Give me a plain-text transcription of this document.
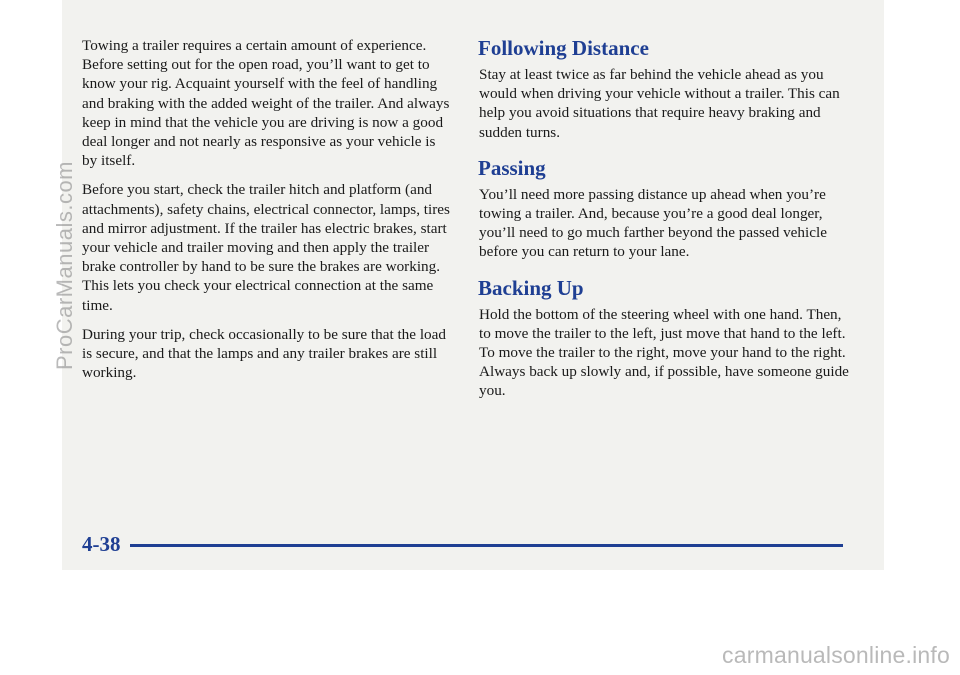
Towing a trailer requires a certain amount of experience. Before setting out for the open road, you’ll want to get to know your rig. Acquaint yourself with the feel of handling and braking with the added weight of the trailer. And always keep in mind that the vehicle you are driving is now a good deal longer and not nearly as responsive as your vehicle is by itself.

Before you start, check the trailer hitch and platform (and attachments), safety chains, electrical connector, lamps, tires and mirror adjustment. If the trailer has electric brakes, start your vehicle and trailer moving and then apply the trailer brake controller by hand to be sure the brakes are working. This lets you check your electrical connection at the same time.

During your trip, check occasionally to be sure that the load is secure, and that the lamps and any trailer brakes are still working.

Following Distance

Stay at least twice as far behind the vehicle ahead as you would when driving your vehicle without a trailer. This can help you avoid situations that require heavy braking and sudden turns.

Passing

You’ll need more passing distance up ahead when you’re towing a trailer. And, because you’re a good deal longer, you’ll need to go much farther beyond the passed vehicle before you can return to your lane.

Backing Up

Hold the bottom of the steering wheel with one hand. Then, to move the trailer to the left, just move that hand to the left. To move the trailer to the right, move your hand to the right. Always back up slowly and, if possible, have someone guide you.

4-38
ProCarManuals.com
carmanualsonline.info
